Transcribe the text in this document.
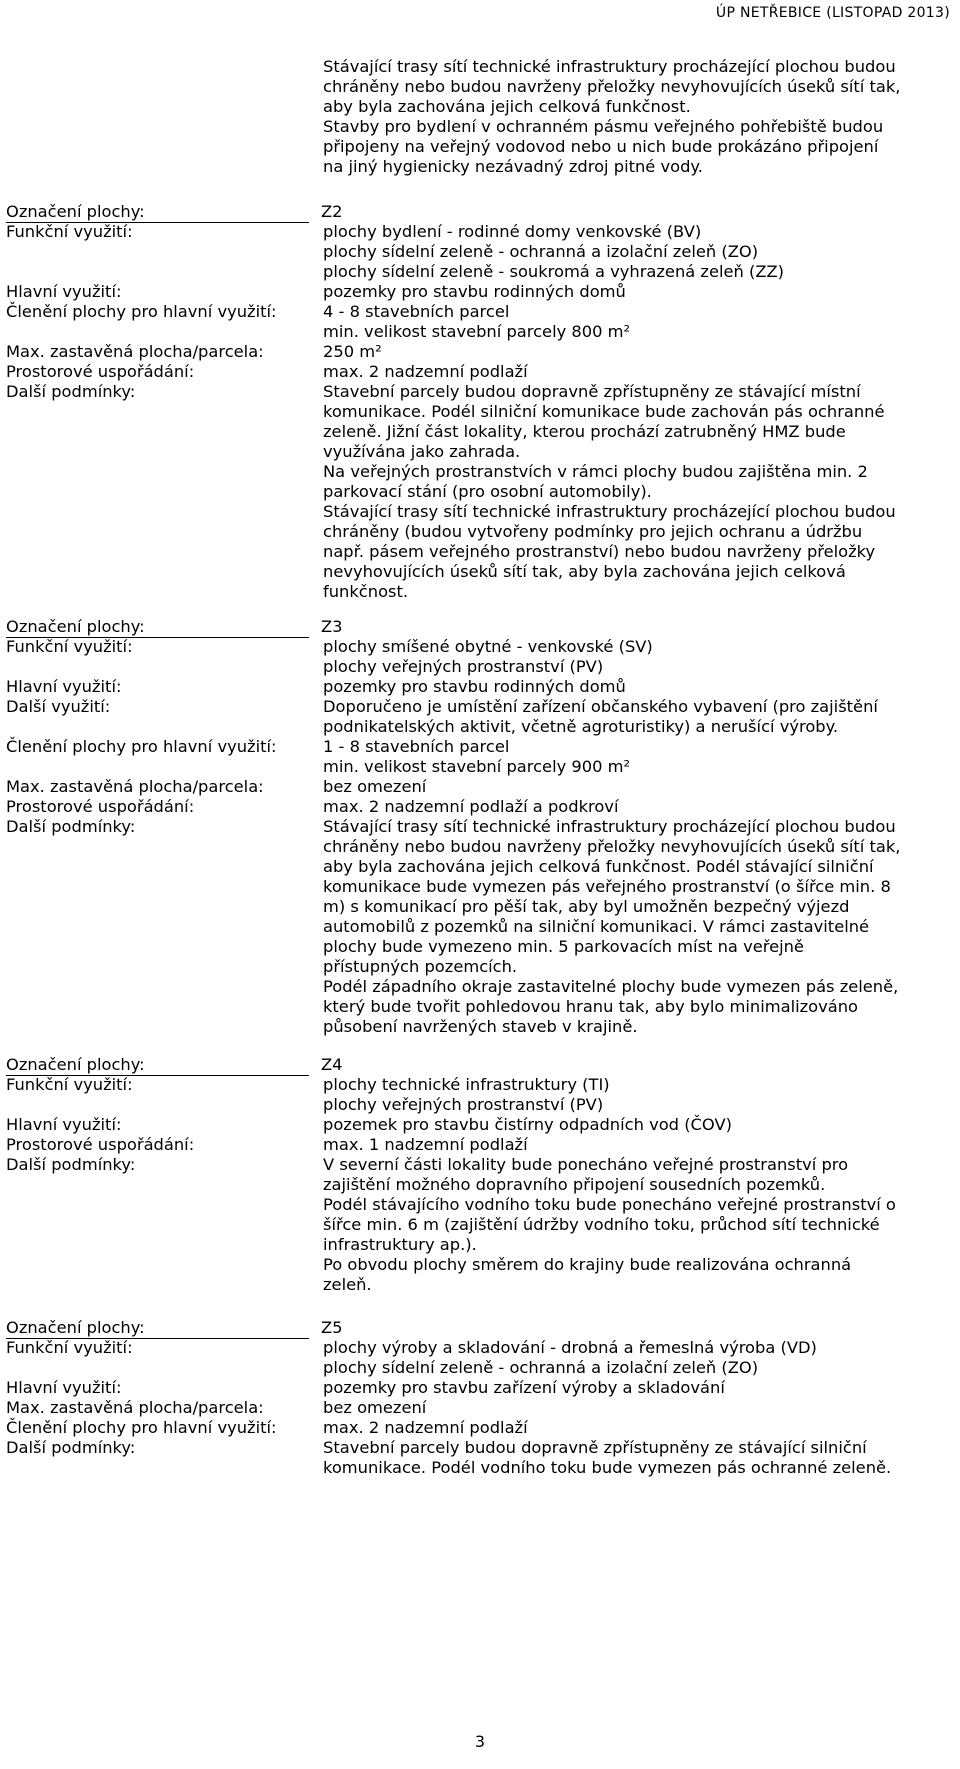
ÚP NETŘEBICE (LISTOPAD 2013)
Stávající trasy sítí technické infrastruktury procházející plochou budou
chráněny nebo budou navrženy přeložky nevyhovujících úseků sítí tak,
aby byla zachována jejich celková funkčnost.
Stavby pro bydlení v ochranném pásmu veřejného pohřebiště budou
připojeny na veřejný vodovod nebo u nich bude prokázáno připojení
na jiný hygienicky nezávadný zdroj pitné vody.
Označení plochy:	Z2
Funkční využití:	plochy bydlení - rodinné domy venkovské (BV)
plochy sídelní zeleně - ochranná a izolační zeleň (ZO)
plochy sídelní zeleně - soukromá a vyhrazená zeleň (ZZ)
Hlavní využití:	pozemky pro stavbu rodinných domů
Členění plochy pro hlavní využití:	4 - 8 stavebních parcel
min. velikost stavební parcely 800 m²
Max. zastavěná plocha/parcela:	250 m²
Prostorové uspořádání:	max. 2 nadzemní podlaží
Další podmínky:	Stavební parcely budou dopravně zpřístupněny ze stávající místní
komunikace. Podél silniční komunikace bude zachován pás ochranné
zeleně. Jižní část lokality, kterou prochází zatrubněný HMZ bude
využívána jako zahrada.
Na veřejných prostranstvích v rámci plochy budou zajištěna min. 2
parkovací stání (pro osobní automobily).
Stávající trasy sítí technické infrastruktury procházející plochou budou
chráněny (budou vytvořeny podmínky pro jejich ochranu a údržbu
např. pásem veřejného prostranství) nebo budou navrženy přeložky
nevyhovujících úseků sítí tak, aby byla zachována jejich celková
funkčnost.
Označení plochy:	Z3
Funkční využití:	plochy smíšené obytné - venkovské (SV)
plochy veřejných prostranství (PV)
Hlavní využití:	pozemky pro stavbu rodinných domů
Další využití:	Doporučeno je umístění zařízení občanského vybavení (pro zajištění
podnikatelských aktivit, včetně agroturistiky) a nerušící výroby.
Členění plochy pro hlavní využití:	1 - 8 stavebních parcel
min. velikost stavební parcely 900 m²
Max. zastavěná plocha/parcela:	bez omezení
Prostorové uspořádání:	max. 2 nadzemní podlaží a podkroví
Další podmínky:	Stávající trasy sítí technické infrastruktury procházející plochou budou
chráněny nebo budou navrženy přeložky nevyhovujících úseků sítí tak,
aby byla zachována jejich celková funkčnost. Podél stávající silniční
komunikace bude vymezen pás veřejného prostranství (o šířce min. 8
m) s komunikací pro pěší tak, aby byl umožněn bezpečný výjezd
automobilů z pozemků na silniční komunikaci. V rámci zastavitelné
plochy bude vymezeno min. 5 parkovacích míst na veřejně
přístupných pozemcích.
Podél západního okraje zastavitelné plochy bude vymezen pás zeleně,
který bude tvořit pohledovou hranu tak, aby bylo minimalizováno
působení navržených staveb v krajině.
Označení plochy:	Z4
Funkční využití:	plochy technické infrastruktury (TI)
plochy veřejných prostranství (PV)
Hlavní využití:	pozemek pro stavbu čistírny odpadních vod (ČOV)
Prostorové uspořádání:	max. 1 nadzemní podlaží
Další podmínky:	V severní části lokality bude ponecháno veřejné prostranství pro
zajištění možného dopravního připojení sousedních pozemků.
Podél stávajícího vodního toku bude ponecháno veřejné prostranství o
šířce min. 6 m (zajištění údržby vodního toku, průchod sítí technické
infrastruktury ap.).
Po obvodu plochy směrem do krajiny bude realizována ochranná
zeleň.
Označení plochy:	Z5
Funkční využití:	plochy výroby a skladování - drobná a řemeslná výroba (VD)
plochy sídelní zeleně - ochranná a izolační zeleň (ZO)
Hlavní využití:	pozemky pro stavbu zařízení výroby a skladování
Max. zastavěná plocha/parcela:	bez omezení
Členění plochy pro hlavní využití:	max. 2 nadzemní podlaží
Další podmínky:	Stavební parcely budou dopravně zpřístupněny ze stávající silniční
komunikace. Podél vodního toku bude vymezen pás ochranné zeleně.
3
